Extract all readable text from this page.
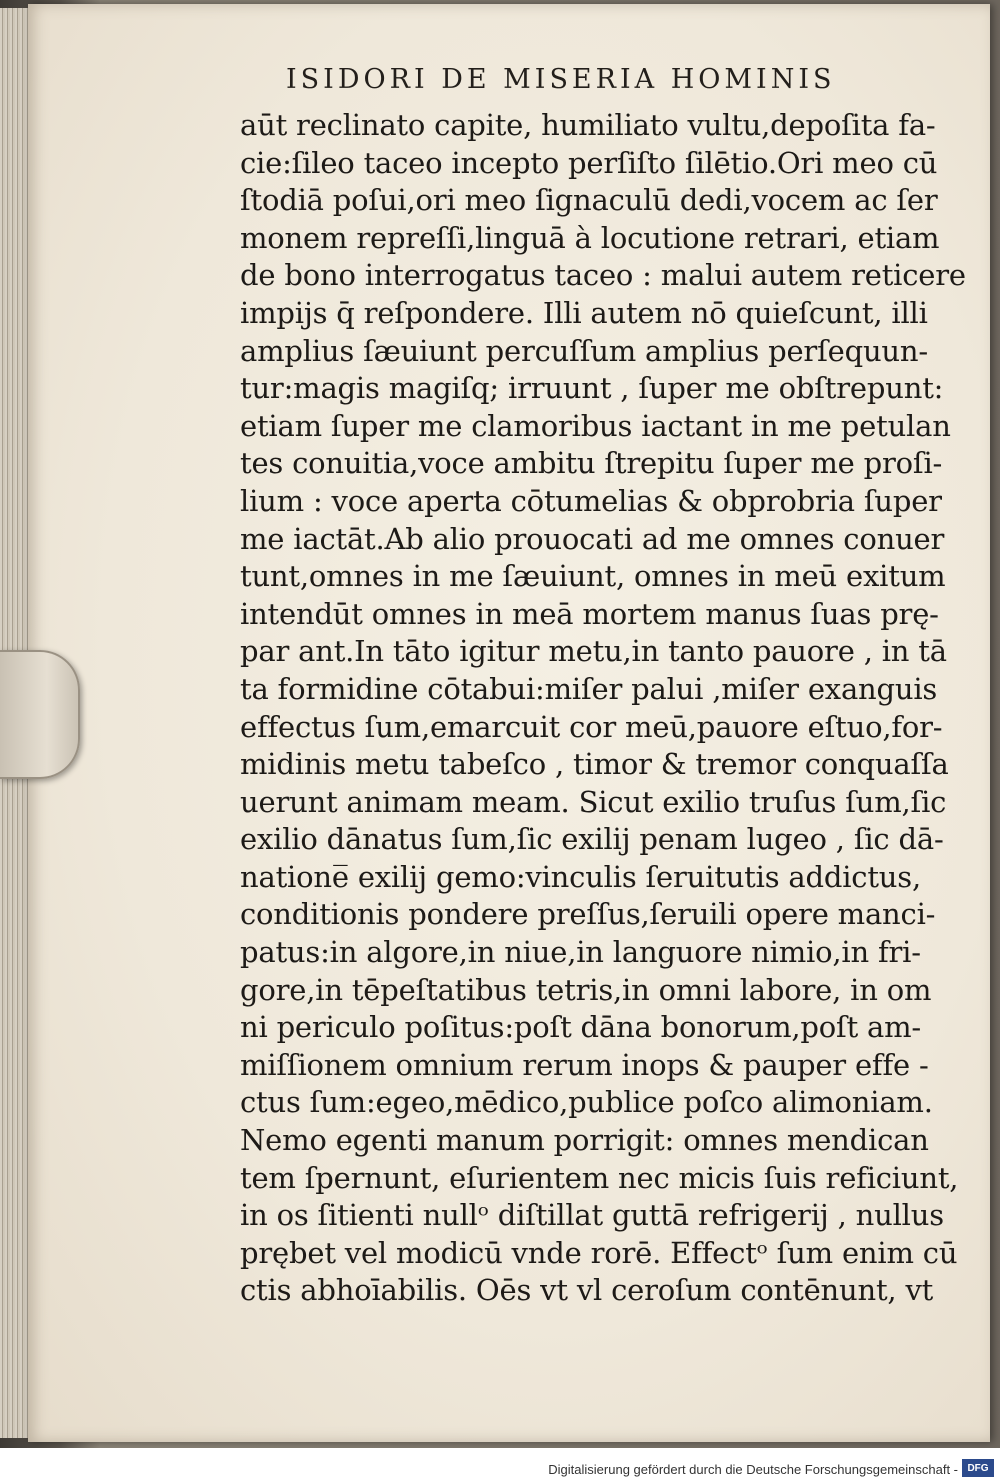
ISIDORI DE MISERIA HOMINIS
aūt reclinato capite, humiliato vultu,depoſita fa-
cie:ſileo taceo incepto perſiſto ſilētio.Ori meo cū
ſtodiā poſui,ori meo ſignaculū dedi,vocem ac ſer
monem repreſſi,linguā à locutione retrari, etiam
de bono interrogatus taceo : malui autem reticere
impijs q̄ reſpondere. Illi autem nō quieſcunt, illi
amplius ſæuiunt percuſſum amplius perſequun-
tur:magis magiſq; irruunt , ſuper me obſtrepunt:
etiam ſuper me clamoribus iactant in me petulan
tes conuitia,voce ambitu ſtrepitu ſuper me proſi-
lium : voce aperta cōtumelias & obprobria ſuper
me iactāt.Ab alio prouocati ad me omnes conuer
tunt,omnes in me ſæuiunt, omnes in meū exitum
intendūt omnes in meā mortem manus ſuas prę-
par ant.In tāto igitur metu,in tanto pauore , in tā
ta formidine cōtabui:miſer palui ,miſer exanguis
effectus ſum,emarcuit cor meū,pauore eſtuo,for-
midinis metu tabeſco , timor & tremor conquaſſa
uerunt animam meam. Sicut exilio truſus ſum,ſic
exilio dānatus ſum,ſic exilij penam lugeo , ſic dā-
natione̅ exilij gemo:vinculis ſeruitutis addictus,
conditionis pondere preſſus,ſeruili opere manci-
patus:in algore,in niue,in languore nimio,in fri-
gore,in tēpeſtatibus tetris,in omni labore, in om
ni periculo poſitus:poſt dāna bonorum,poſt am-
miſſionem omnium rerum inops & pauper effe -
ctus ſum:egeo,mēdico,publice poſco alimoniam.
Nemo egenti manum porrigit: omnes mendican
tem ſpernunt, eſurientem nec micis ſuis reficiunt,
in os ſitienti nullᵒ diſtillat guttā refrigerij , nullus
prębet vel modicū vnde rorē. Effectᵒ ſum enim cū
ctis abhoīabilis. Oēs vt vl ceroſum contēnunt, vt
Digitalisierung gefördert durch die Deutsche Forschungsgemeinschaft - DFG
